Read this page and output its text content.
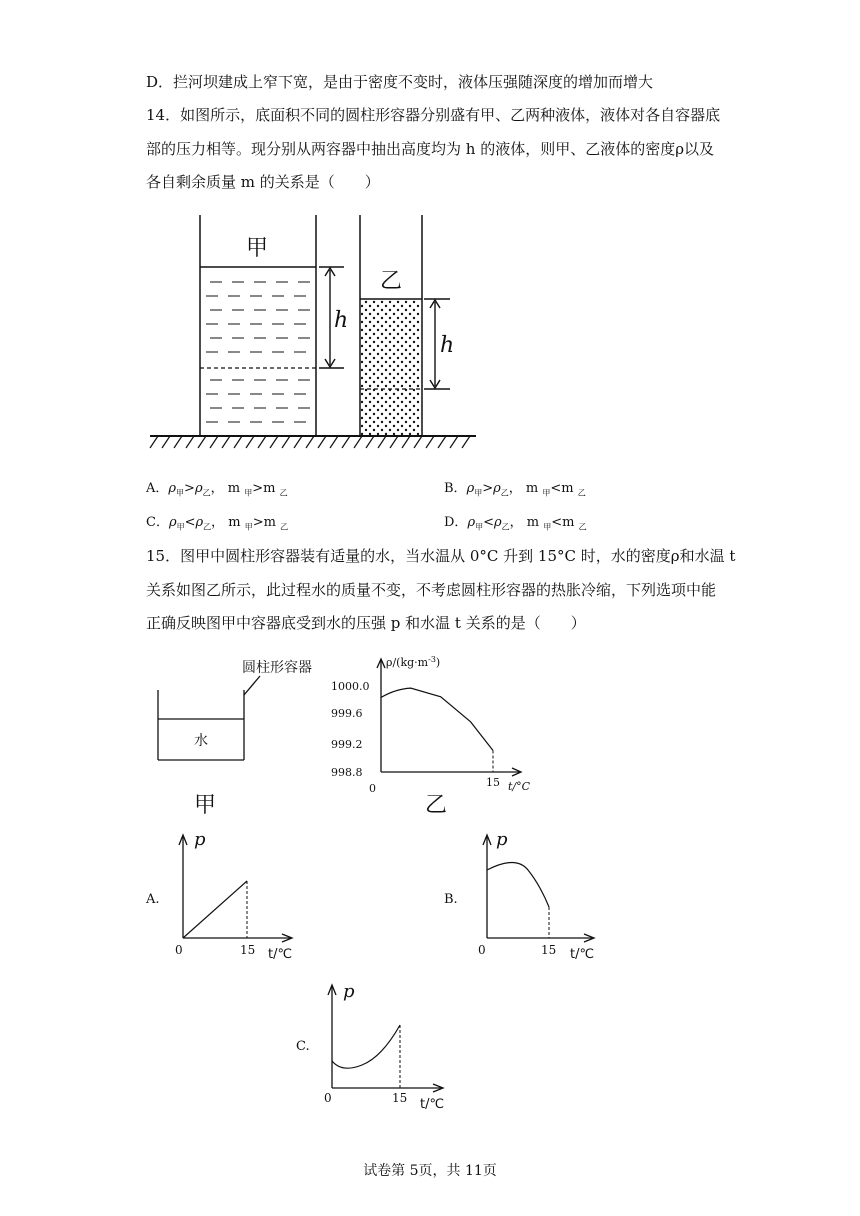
D．拦河坝建成上窄下宽，是由于密度不变时，液体压强随深度的增加而增大
14．如图所示，底面积不同的圆柱形容器分别盛有甲、乙两种液体，液体对各自容器底
部的压力相等。现分别从两容器中抽出高度均为 h 的液体，则甲、乙液体的密度ρ以及
各自剩余质量 m 的关系是（　　）
h
甲
h
乙
A．$\rho_甲>\rho_乙$， m $_甲$>m $_乙$	B．$\rho_甲>\rho_乙$， m $_甲$<m $_乙$
C．$\rho_甲<\rho_乙$， m $_甲$>m $_乙$	D．$\rho_甲<\rho_乙$， m $_甲$<m $_乙$
15．图甲中圆柱形容器装有适量的水，当水温从 0°C 升到 15°C 时，水的密度ρ和水温 t
关系如图乙所示，此过程水的质量不变，不考虑圆柱形容器的热胀冷缩，下列选项中能
正确反映图甲中容器底受到水的压强 p 和水温 t 关系的是（　　）
圆柱形容器
水
甲
1000.0
999.6
999.2
998.8
$\rho/(kg\cdot m^{-3})$
t/°C
0	15
乙
A.
p
0	15 t/℃
B.
p
0	15 t/℃
C.
p
0	15 t/℃
试卷第 5页，共 11页
